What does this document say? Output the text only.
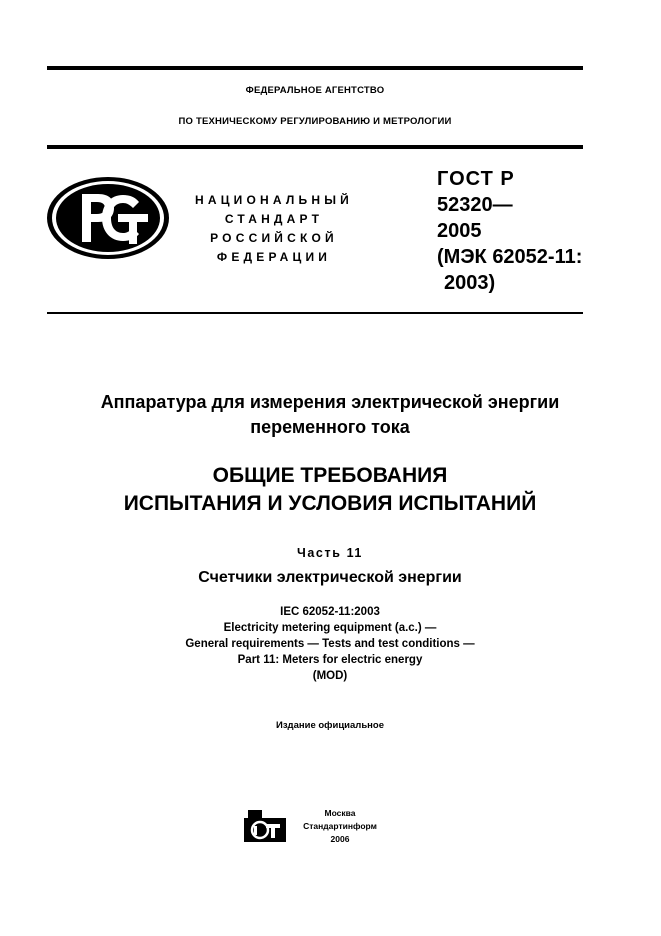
ФЕДЕРАЛЬНОЕ АГЕНТСТВО
ПО ТЕХНИЧЕСКОМУ РЕГУЛИРОВАНИЮ И МЕТРОЛОГИИ
НАЦИОНАЛЬНЫЙ
СТАНДАРТ
РОССИЙСКОЙ
ФЕДЕРАЦИИ
ГОСТ Р
52320—
2005
(МЭК 62052-11:
2003)
Аппаратура для измерения электрической энергии
переменного тока
ОБЩИЕ ТРЕБОВАНИЯ
ИСПЫТАНИЯ И УСЛОВИЯ ИСПЫТАНИЙ
Часть 11
Счетчики электрической энергии
IEC 62052-11:2003
Electricity metering equipment (a.c.) —
General requirements — Tests and test conditions —
Part 11: Meters for electric energy
(MOD)
Издание официальное
Москва
Стандартинформ
2006
